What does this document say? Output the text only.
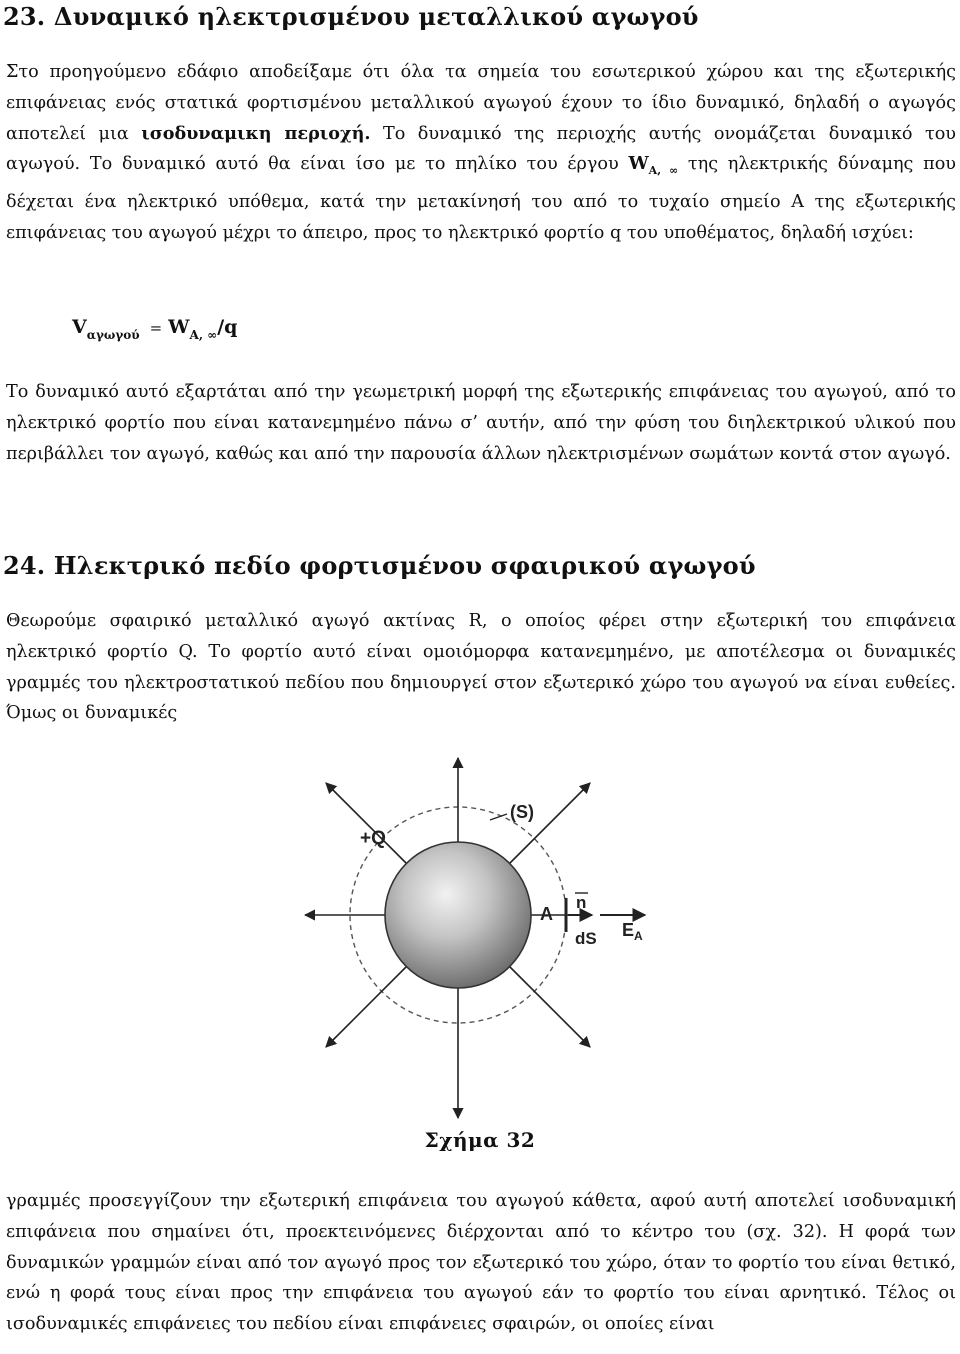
23. Δυναμικό ηλεκτρισμένου μεταλλικού αγωγού

Στο προηγούμενο εδάφιο αποδείξαμε ότι όλα τα σημεία του εσωτερικού χώρου και της εξωτερικής επιφάνειας ενός στατικά φορτισμένου μεταλλικού αγωγού έχουν το ίδιο δυναμικό, δηλαδή ο αγωγός αποτελεί μια ισοδυναμικη περιοχή. Το δυναμικό της περιοχής αυτής ονομάζεται δυναμικό του αγωγού. Το δυναμικό αυτό θα είναι ίσο με το πηλίκο του έργου $W_{A, \infty}$ της ηλεκτρικής δύναμης που δέχεται ένα ηλεκτρικό υπόθεμα, κατά την μετακίνησή του από το τυχαίο σημείο Α της εξωτερικής επιφάνειας του αγωγού μέχρι το άπειρο, προς το ηλεκτρικό φορτίο q του υποθέματος, δηλαδή ισχύει:

$V_{\alpha\gamma\omega\gamma oύ} = W_{A, \infty}/q$

Το δυναμικό αυτό εξαρτάται από την γεωμετρική μορφή της εξωτερικής επιφάνειας του αγωγού, από το ηλεκτρικό φορτίο που είναι κατανεμημένο πάνω σ’ αυτήν, από την φύση του διηλεκτρικού υλικού που περιβάλλει τον αγωγό, καθώς και από την παρουσία άλλων ηλεκτρισμένων σωμάτων κοντά στον αγωγό.

24. Ηλεκτρικό πεδίο φορτισμένου σφαιρικού αγωγού

Θεωρούμε σφαιρικό μεταλλικό αγωγό ακτίνας R, ο οποίος φέρει στην εξωτερική του επιφάνεια ηλεκτρικό φορτίο Q. Το φορτίο αυτό είναι ομοιόμορφα κατανεμημένο, με αποτέλεσμα οι δυναμικές γραμμές του ηλεκτροστατικού πεδίου που δημιουργεί στον εξωτερικό χώρο του αγωγού να είναι ευθείες. Όμως οι δυναμικές

(S)
+Q
A
n
dS $E_A$
Σχήμα 32

γραμμές προσεγγίζουν την εξωτερική επιφάνεια του αγωγού κάθετα, αφού αυτή αποτελεί ισοδυναμική επιφάνεια που σημαίνει ότι, προεκτεινόμενες διέρχονται από το κέντρο του (σχ. 32). Η φορά των δυναμικών γραμμών είναι από τον αγωγό προς τον εξωτερικό του χώρο, όταν το φορτίο του είναι θετικό, ενώ η φορά τους είναι προς την επιφάνεια του αγωγού εάν το φορτίο του είναι αρνητικό. Τέλος οι ισοδυναμικές επιφάνειες του πεδίου είναι επιφάνειες σφαιρών, οι οποίες είναι
